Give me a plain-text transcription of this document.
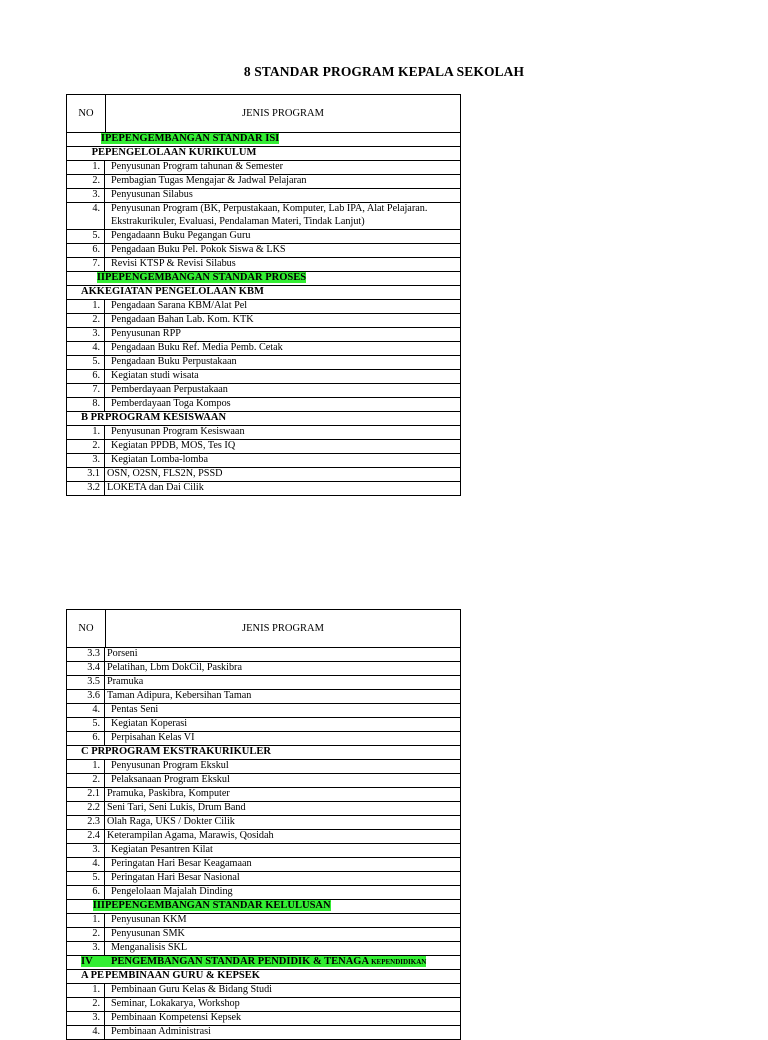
8 STANDAR PROGRAM KEPALA SEKOLAH
NO	JENIS PROGRAM
I PEPENGEMBANGAN STANDAR ISI
PE PENGELOLAAN KURIKULUM
1.	Penyusunan Program tahunan & Semester
2.	Pembagian Tugas Mengajar & Jadwal Pelajaran
3.	Penyusunan Silabus
4.	Penyusunan Program (BK, Perpustakaan, Komputer, Lab IPA, Alat Pelajaran. Ekstrakurikuler, Evaluasi, Pendalaman Materi, Tindak Lanjut)
5.	Pengadaann Buku Pegangan Guru
6.	Pengadaan Buku Pel. Pokok Siswa & LKS
7.	Revisi KTSP & Revisi Silabus
II PEPENGEMBANGAN STANDAR PROSES
AKK EGIATAN PENGELOLAAN KBM
1.	Pengadaan Sarana KBM/Alat Pel
2.	Pengadaan Bahan Lab. Kom. KTK
3.	Penyusunan RPP
4.	Pengadaan Buku Ref. Media Pemb. Cetak
5.	Pengadaan Buku Perpustakaan
6.	Kegiatan studi wisata
7.	Pemberdayaan Perpustakaan
8.	Pemberdayaan Toga Kompos
B PR PROGRAM KESISWAAN
1.	Penyusunan Program Kesiswaan
2.	Kegiatan PPDB, MOS, Tes IQ
3.	Kegiatan Lomba-lomba
3.1 OSN, O2SN, FLS2N, PSSD
3.2 LOKETA dan Dai Cilik
NO	JENIS PROGRAM
3.3 Porseni
3.4 Pelatihan, Lbm DokCil, Paskibra
3.5 Pramuka
3.6 Taman Adipura, Kebersihan Taman
4.	Pentas Seni
5.	Kegiatan Koperasi
6.	Perpisahan Kelas VI
C PR PROGRAM EKSTRAKURIKULER
1.	Penyusunan Program Ekskul
2.	Pelaksanaan Program Ekskul
2.1 Pramuka, Paskibra, Komputer
2.2 Seni Tari, Seni Lukis, Drum Band
2.3 Olah Raga, UKS / Dokter Cilik
2.4 Keterampilan Agama, Marawis, Qosidah
3.	Kegiatan Pesantren Kilat
4.	Peringatan Hari Besar Keagamaan
5.	Peringatan Hari Besar Nasional
6.	Pengelolaan Majalah Dinding
III PEPENGEMBANGAN STANDAR KELULUSAN
1.	Penyusunan KKM
2.	Penyusunan SMK
3.	Menganalisis SKL
IV	PENGEMBANGAN STANDAR PENDIDIK & TENAGA KEPENDIDIKAN
A PE PEMBINAAN GURU & KEPSEK
1.	Pembinaan Guru Kelas & Bidang Studi
2.	Seminar, Lokakarya, Workshop
3.	Pembinaan Kompetensi Kepsek
4.	Pembinaan Administrasi
